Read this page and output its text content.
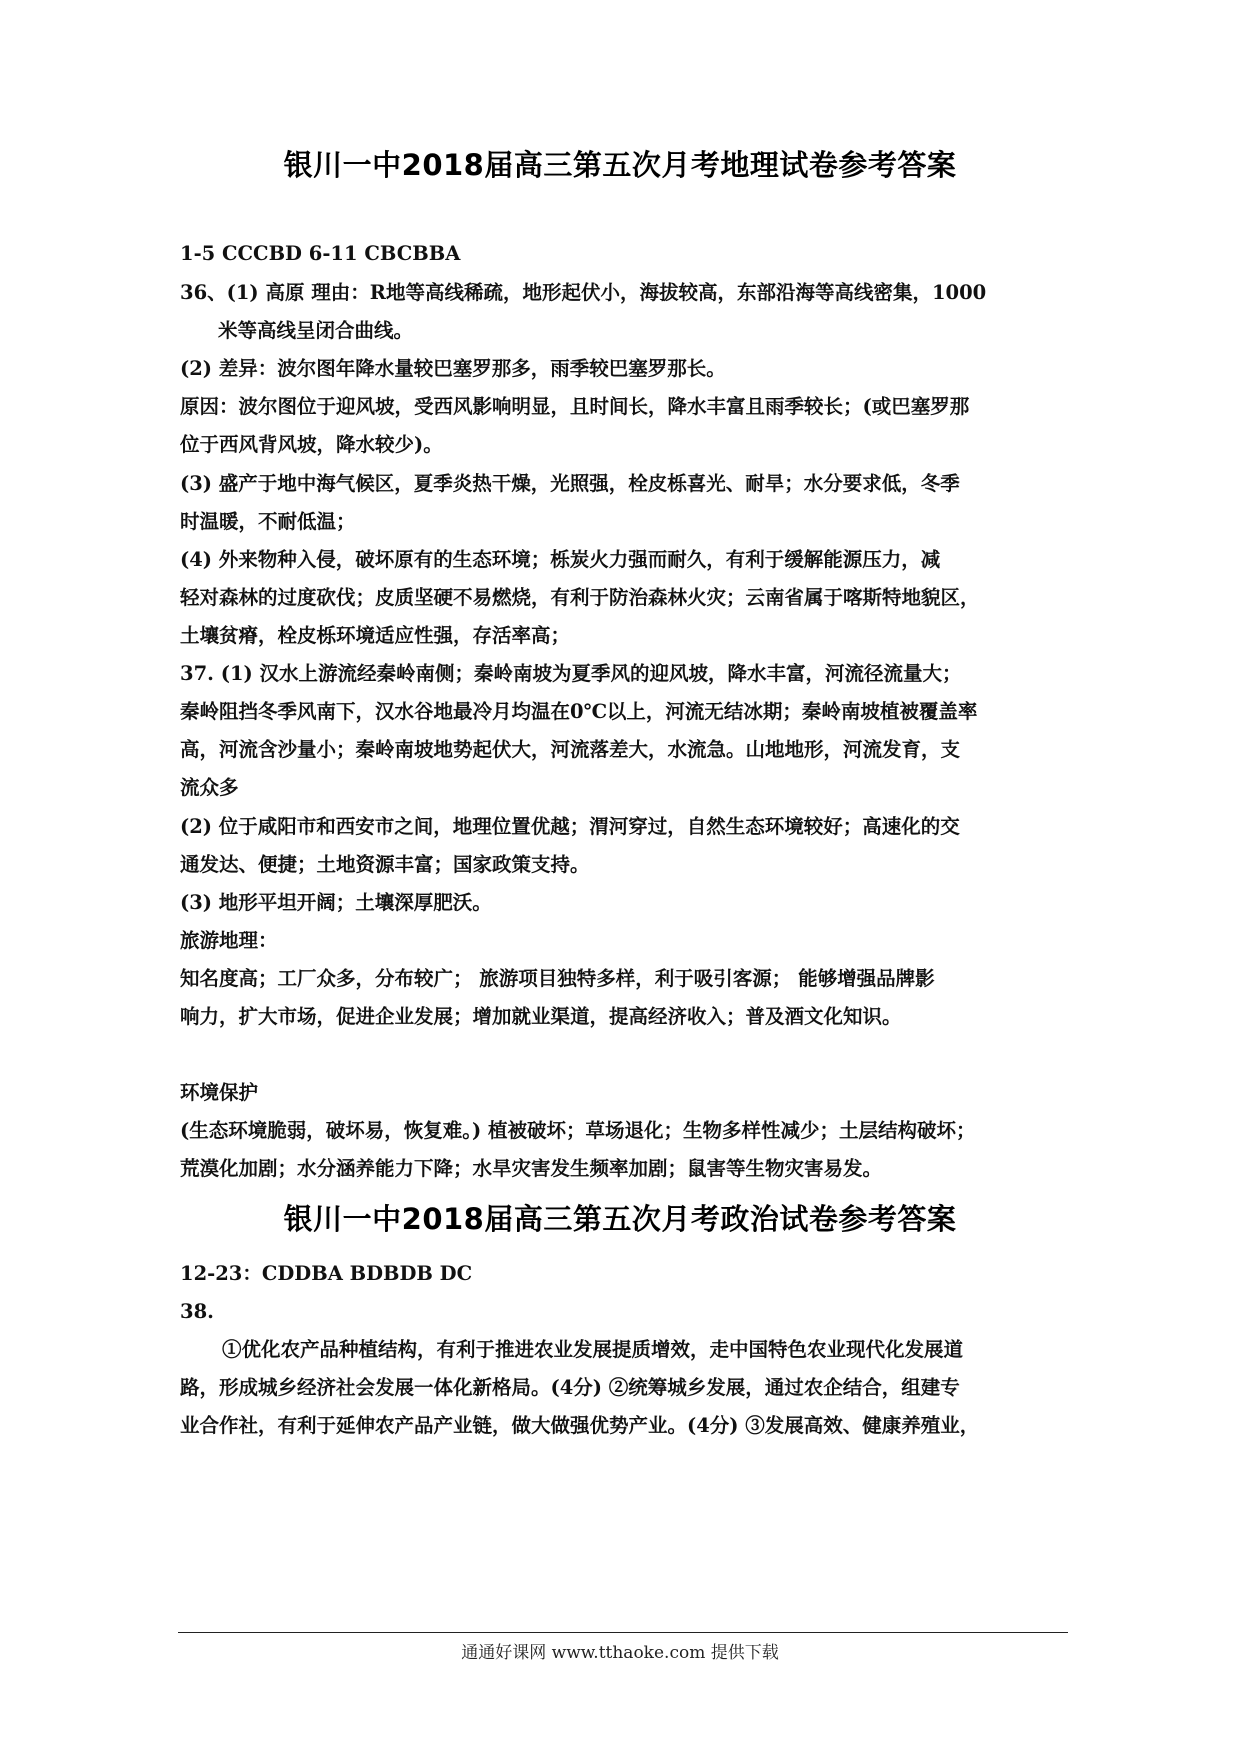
银川一中2018届高三第五次月考地理试卷参考答案
1-5 CCCBD 6-11 CBCBBA
36、(1) 高原 理由：R地等高线稀疏，地形起伏小，海拔较高，东部沿海等高线密集，1000
米等高线呈闭合曲线。
(2) 差异：波尔图年降水量较巴塞罗那多，雨季较巴塞罗那长。
原因：波尔图位于迎风坡，受西风影响明显，且时间长，降水丰富且雨季较长；(或巴塞罗那
位于西风背风坡，降水较少)。
(3) 盛产于地中海气候区，夏季炎热干燥，光照强，栓皮栎喜光、耐旱；水分要求低，冬季
时温暖，不耐低温；
(4) 外来物种入侵，破坏原有的生态环境；栎炭火力强而耐久，有利于缓解能源压力，减
轻对森林的过度砍伐；皮质坚硬不易燃烧，有利于防治森林火灾；云南省属于喀斯特地貌区，
土壤贫瘠，栓皮栎环境适应性强，存活率高；
37. (1) 汉水上游流经秦岭南侧；秦岭南坡为夏季风的迎风坡，降水丰富，河流径流量大；
秦岭阻挡冬季风南下，汉水谷地最冷月均温在0℃以上，河流无结冰期；秦岭南坡植被覆盖率
高，河流含沙量小；秦岭南坡地势起伏大，河流落差大，水流急。山地地形，河流发育，支
流众多
(2) 位于咸阳市和西安市之间，地理位置优越；渭河穿过，自然生态环境较好；高速化的交
通发达、便捷；土地资源丰富；国家政策支持。
(3) 地形平坦开阔；土壤深厚肥沃。
旅游地理：
知名度高；工厂众多，分布较广； 旅游项目独特多样，利于吸引客源； 能够增强品牌影
响力，扩大市场，促进企业发展；增加就业渠道，提高经济收入；普及酒文化知识。
环境保护
(生态环境脆弱，破坏易，恢复难。) 植被破坏；草场退化；生物多样性减少；土层结构破坏；
荒漠化加剧；水分涵养能力下降；水旱灾害发生频率加剧；鼠害等生物灾害易发。
银川一中2018届高三第五次月考政治试卷参考答案
12-23：CDDBA BDBDB DC
38.
①优化农产品种植结构，有利于推进农业发展提质增效，走中国特色农业现代化发展道
路，形成城乡经济社会发展一体化新格局。(4分) ②统筹城乡发展，通过农企结合，组建专
业合作社，有利于延伸农产品产业链，做大做强优势产业。(4分) ③发展高效、健康养殖业，
通通好课网 www.tthaoke.com 提供下载
